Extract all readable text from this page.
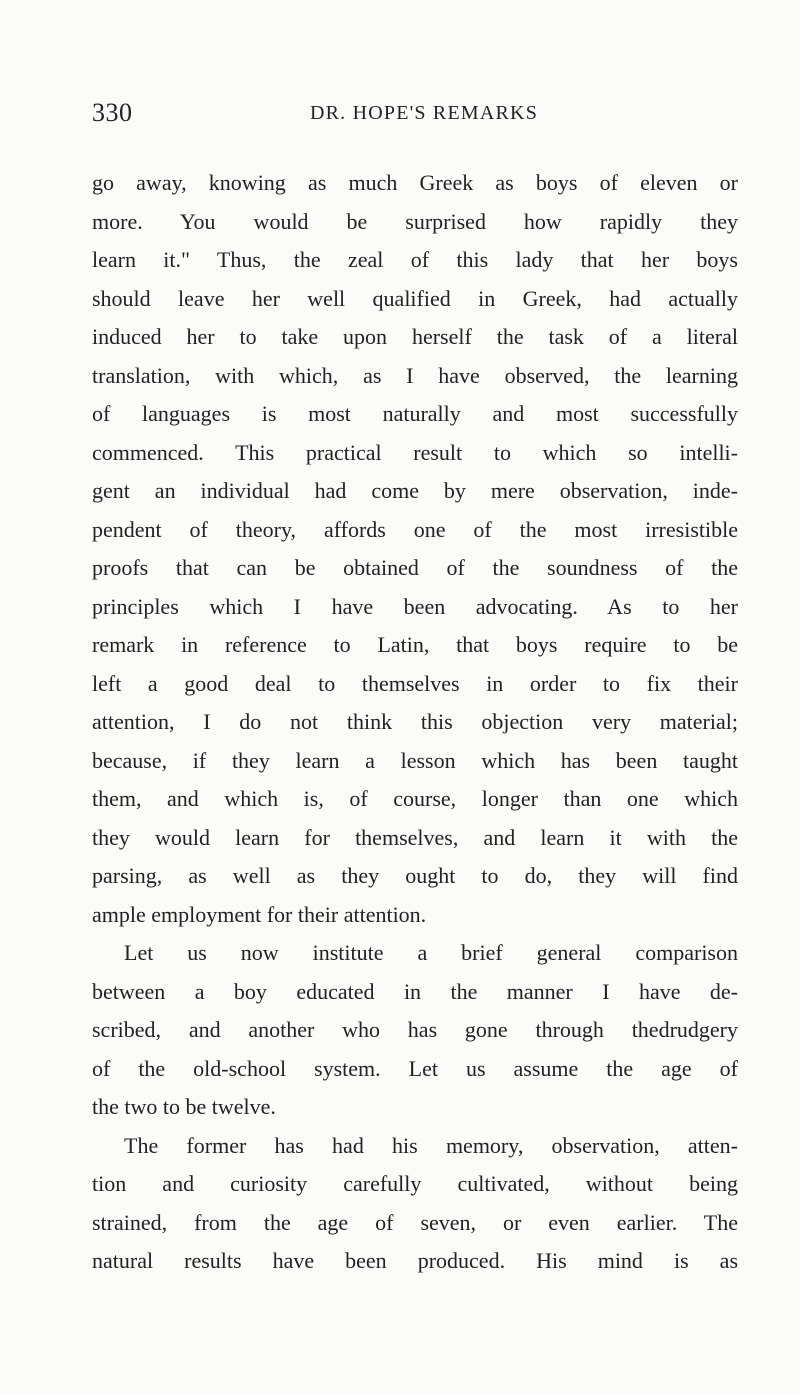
330	DR. HOPE'S REMARKS
go away, knowing as much Greek as boys of eleven or
more. You would be surprised how rapidly they
learn it." Thus, the zeal of this lady that her boys
should leave her well qualified in Greek, had actually
induced her to take upon herself the task of a literal
translation, with which, as I have observed, the learning
of languages is most naturally and most successfully
commenced. This practical result to which so intelli-
gent an individual had come by mere observation, inde-
pendent of theory, affords one of the most irresistible
proofs that can be obtained of the soundness of the
principles which I have been advocating. As to her
remark in reference to Latin, that boys require to be
left a good deal to themselves in order to fix their
attention, I do not think this objection very material;
because, if they learn a lesson which has been taught
them, and which is, of course, longer than one which
they would learn for themselves, and learn it with the
parsing, as well as they ought to do, they will find
ample employment for their attention.
Let us now institute a brief general comparison
between a boy educated in the manner I have de-
scribed, and another who has gone through thedrudgery
of the old-school system. Let us assume the age of
the two to be twelve.
The former has had his memory, observation, atten-
tion and curiosity carefully cultivated, without being
strained, from the age of seven, or even earlier. The
natural results have been produced. His mind is as
